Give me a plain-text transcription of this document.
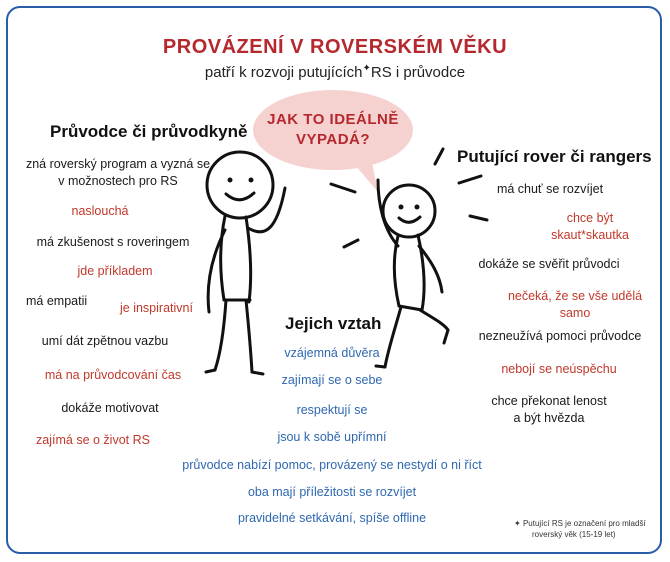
PROVÁZENÍ V ROVERSKÉM VĚKU
patří k rozvoji putujících✦RS i průvodce
JAK TO IDEÁLNĚ
VYPADÁ?
Průvodce či průvodkyně
zná roverský program a vyzná se
v možnostech pro RS
naslouchá
má zkušenost s roveringem
jde příkladem
má empatii	je inspirativní
umí dát zpětnou vazbu
má na průvodcování čas
dokáže motivovat
zajímá se o život RS
Putující rover či rangers
má chuť se rozvíjet
chce být
skaut*skautka
dokáže se svěřit průvodci
nečeká, že se vše udělá
samo
nezneužívá pomoci průvodce
nebojí se neúspěchu
chce překonat lenost
a být hvězda
Jejich vztah
vzájemná důvěra
zajímají se o sebe
respektují se
jsou k sobě upřímní
průvodce nabízí pomoc, provázený se nestydí o ni říct
oba mají příležitosti se rozvíjet
pravidelné setkávání, spíše offline	✦ Putující RS je označení pro mladší
roverský věk (15-19 let)
